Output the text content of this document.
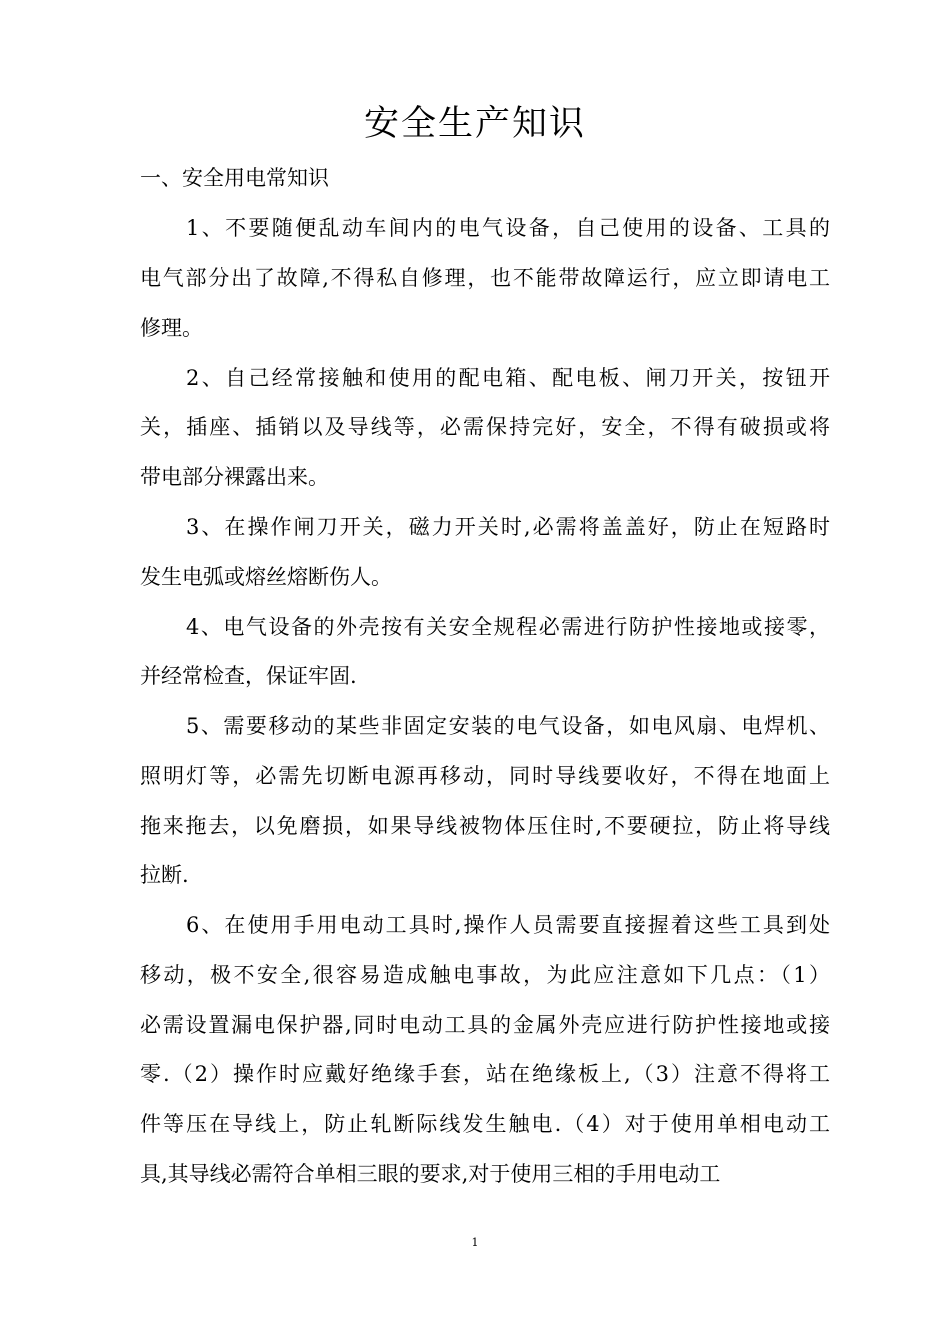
安全生产知识
一、安全用电常知识
1、不要随便乱动车间内的电气设备，自己使用的设备、工具的
电气部分出了故障,不得私自修理，也不能带故障运行，应立即请电工
修理。
2、自己经常接触和使用的配电箱、配电板、闸刀开关，按钮开
关，插座、插销以及导线等，必需保持完好，安全，不得有破损或将
带电部分裸露出来。
3、在操作闸刀开关，磁力开关时,必需将盖盖好，防止在短路时
发生电弧或熔丝熔断伤人。
4、电气设备的外壳按有关安全规程必需进行防护性接地或接零，
并经常检查，保证牢固.
5、需要移动的某些非固定安装的电气设备，如电风扇、电焊机、
照明灯等，必需先切断电源再移动，同时导线要收好，不得在地面上
拖来拖去，以免磨损，如果导线被物体压住时,不要硬拉，防止将导线
拉断.
6、在使用手用电动工具时,操作人员需要直接握着这些工具到处
移动，极不安全,很容易造成触电事故，为此应注意如下几点：（1）
必需设置漏电保护器,同时电动工具的金属外壳应进行防护性接地或接
零.（2）操作时应戴好绝缘手套，站在绝缘板上,（3）注意不得将工
件等压在导线上，防止轧断际线发生触电.（4）对于使用单相电动工
具,其导线必需符合单相三眼的要求,对于使用三相的手用电动工
1
